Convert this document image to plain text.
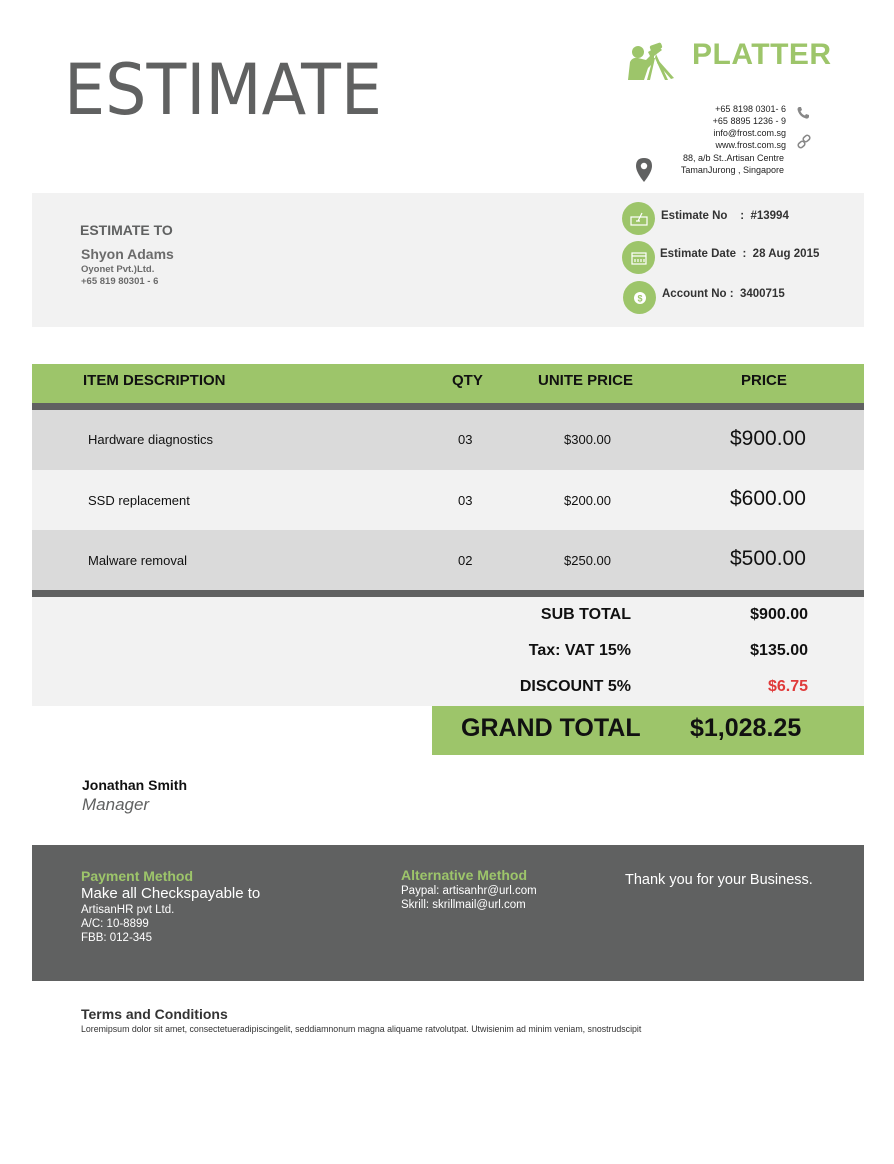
ESTIMATE	PLATTER
+65 8198 0301- 6
+65 8895 1236 - 9
info@frost.com.sg
www.frost.com.sg
88, a/b St..Artisan Centre
TamanJurong , Singapore
ESTIMATE TO
Shyon Adams
Oyonet Pvt.)Ltd.
+65 819 80301 - 6
Estimate No    :  #13994
Estimate Date  :  28 Aug 2015
$ Account No :  3400715
ITEM DESCRIPTION	QTY	UNITE PRICE	PRICE
Hardware diagnostics	03	$300.00	$900.00
SSD replacement	03	$200.00	$600.00
Malware removal	02	$250.00	$500.00
SUB TOTAL	$900.00
Tax: VAT 15%	$135.00
DISCOUNT 5%	$6.75
GRAND TOTAL $1,028.25
Jonathan Smith
Manager
Payment Method
Make all Checkspayable to
ArtisanHR pvt Ltd.
A/C: 10-8899
FBB: 012-345
Alternative Method
Paypal: artisanhr@url.com
Skrill: skrillmail@url.com
Thank you for your Business.
Terms and Conditions
Loremipsum dolor sit amet, consectetueradipiscingelit, seddiamnonum magna aliquame ratvolutpat. Utwisienim ad minim veniam, snostrudscipit
